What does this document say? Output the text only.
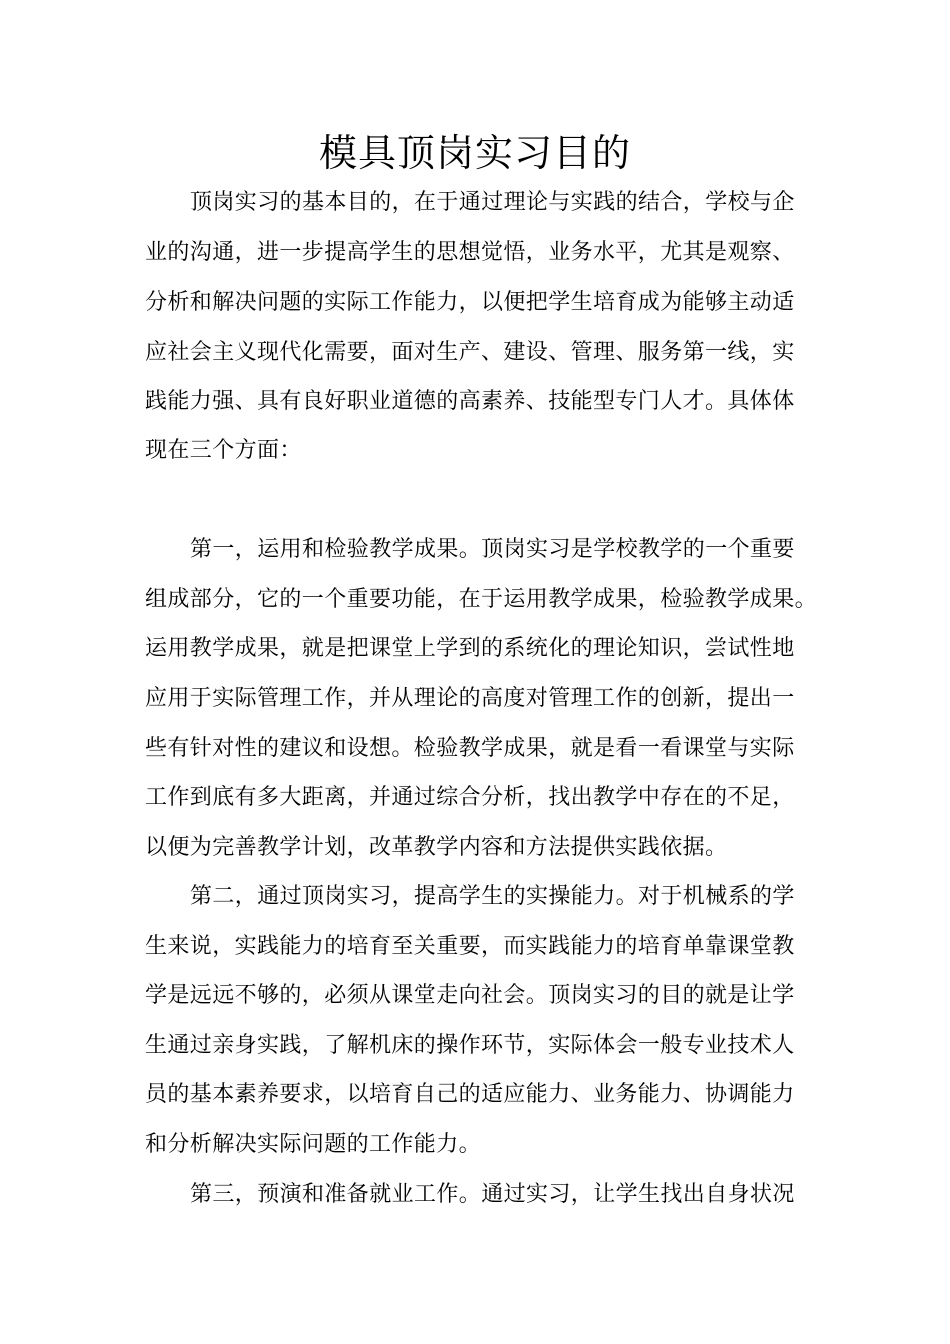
模具顶岗实习目的
顶岗实习的基本目的，在于通过理论与实践的结合，学校与企
业的沟通，进一步提高学生的思想觉悟，业务水平，尤其是观察、
分析和解决问题的实际工作能力，以便把学生培育成为能够主动适
应社会主义现代化需要，面对生产、建设、管理、服务第一线，实
践能力强、具有良好职业道德的高素养、技能型专门人才。具体体
现在三个方面：
第一，运用和检验教学成果。顶岗实习是学校教学的一个重要
组成部分，它的一个重要功能，在于运用教学成果，检验教学成果。
运用教学成果，就是把课堂上学到的系统化的理论知识，尝试性地
应用于实际管理工作，并从理论的高度对管理工作的创新，提出一
些有针对性的建议和设想。检验教学成果，就是看一看课堂与实际
工作到底有多大距离，并通过综合分析，找出教学中存在的不足，
以便为完善教学计划，改革教学内容和方法提供实践依据。
第二，通过顶岗实习，提高学生的实操能力。对于机械系的学
生来说，实践能力的培育至关重要，而实践能力的培育单靠课堂教
学是远远不够的，必须从课堂走向社会。顶岗实习的目的就是让学
生通过亲身实践，了解机床的操作环节，实际体会一般专业技术人
员的基本素养要求，以培育自己的适应能力、业务能力、协调能力
和分析解决实际问题的工作能力。
第三，预演和准备就业工作。通过实习，让学生找出自身状况
